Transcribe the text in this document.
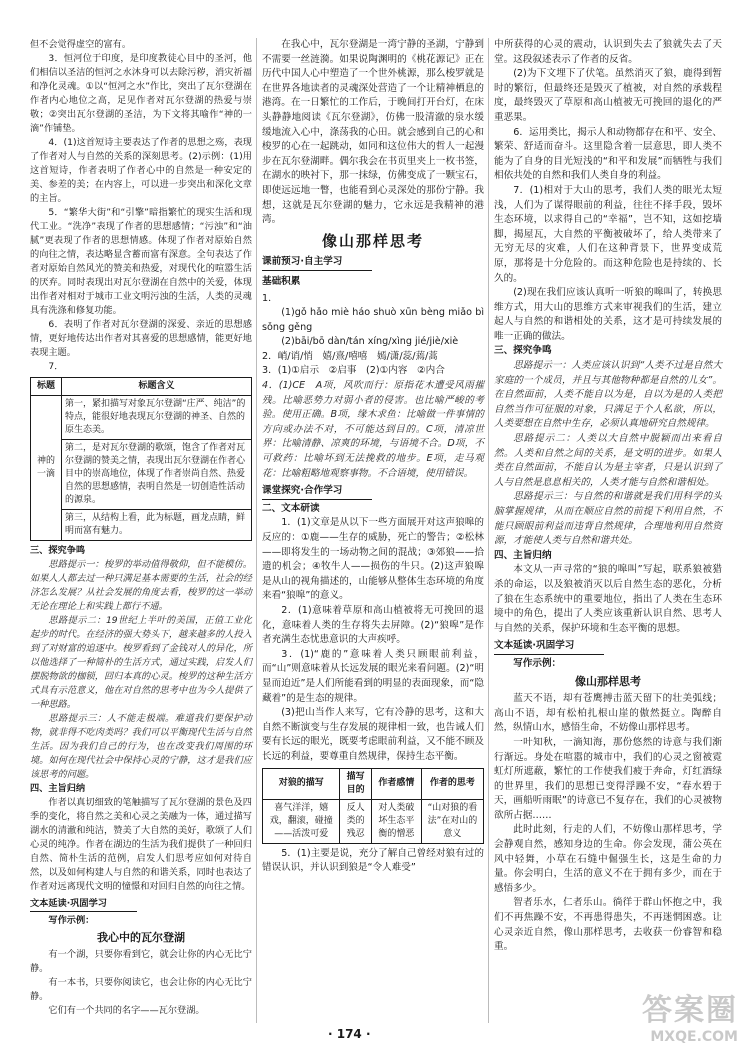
但不会觉得虚空的富有。

3．恒河位于印度，是印度教徒心目中的圣河，他们相信以圣洁的恒河之水沐身可以去除污秽，消灾祈福和净化灵魂。①以“恒河之水”作比，突出了瓦尔登湖在作者内心地位之高，足见作者对瓦尔登湖的热爱与崇敬；②突出瓦尔登湖的圣洁，为下文将其喻作“神的一滴”作铺垫。

4．(1)这首短诗主要表达了作者的思想之殇，表现了作者对人与自然的关系的深刻思考。(2)示例：(1)用这首短诗，作者表明了作者心中的自然是一种安定的美、参差的美；在内容上，可以进一步突出和深化文章的主旨。

5．“繁华大街”和“引擎”暗指繁忙的现实生活和现代工业。“洗净”表现了作者的思想感情；“污浊”和“油腻”更表现了作者的思想情感。体现了作者对原始自然的向往之情，表达略显含蓄而富有深意。全句表达了作者对原始自然风光的赞美和热爱，对现代化的喧嚣生活的厌弃。同时表现出对瓦尔登湖在自然中的关爱，体现出作者对相对于城市工业文明污浊的生活，人类的灵魂具有洗涤和修复功能。

6．表明了作者对瓦尔登湖的深爱、亲近的思想感情，更好地传达出作者对其喜爱的思想感情，能更好地表现主题。

7．

标题	标题含义
神的一滴	第一，紧扣描写对象瓦尔登湖“庄严、纯洁”的特点，能很好地表现瓦尔登湖的神圣、自然的原生态美。
	第二，是对瓦尔登湖的歌颂，饱含了作者对瓦尔登湖的赞美之情，表现出瓦尔登湖在作者心目中的崇高地位，体现了作者崇尚自然、热爱自然的思想感情，表明自然是一切创造性活动的源泉。
	第三，从结构上看，此为标题，画龙点睛，鲜明而富有魅力。

三、探究争鸣

思路提示一：梭罗的举动值得敬仰，但不能模仿。如果人人都去过一种只满足基本需要的生活，社会的经济怎么发展？从社会发展的角度去看，梭罗的这一举动无论在理论上和实践上都行不通。

思路提示二：19世纪上半叶的美国，正值工业化起步的时代。在经济的强大势头下，越来越多的人投入到了对财富的追逐中。梭罗看到了金钱对人的异化，所以他选择了一种简朴的生活方式，通过实践，启发人们摆脱物欲的枷锁，回归本真的心灵。梭罗的这种生活方式具有示范意义，他在对自然的思考中也为今人提供了一种思路。

思路提示三：人不能走极端。难道我们要保护动物，就非得不吃肉类吗？我们可以平衡现代生活与自然生活。因为我们自己的行为，也在改变我们周围的环境。如何在现代社会中保持心灵的宁静，这才是我们应该思考的问题。

四、主旨归纳

作者以真切细致的笔触描写了瓦尔登湖的景色及四季的变化，将自然之美和心灵之美融为一体，通过描写湖水的清澈和纯洁，赞美了大自然的美好，歌颂了人们心灵的纯净。作者在湖边的生活为我们提供了一种回归自然、简朴生活的范例，启发人们思考应如何对待自然，以及如何构建人与自然的和谐关系，同时也表达了作者对远离现代文明的憧憬和对回归自然的向往之情。

文本延读·巩固学习

写作示例：

我心中的瓦尔登湖

有一个湖，只要你看到它，就会让你的内心无比宁静。

有一本书，只要你阅读它，也会让你的内心无比宁静。

它们有一个共同的名字——瓦尔登湖。

在我心中，瓦尔登湖是一湾宁静的圣湖，宁静到不需要一丝涟漪。如果说陶渊明的《桃花源记》正在历代中国人心中塑造了一个世外桃源，那么梭罗就是在世界各地读者的灵魂深处营造了一个让精神栖息的港湾。在一日繁忙的工作后，于晚间打开台灯，在床头静静地阅读《瓦尔登湖》，仿佛一股清澈的泉水缓缓地流入心中，涤荡我的心田。就会感到自己的心和梭罗的心在一起跳动，如同和这位伟大的哲人一起漫步在瓦尔登湖畔。偶尔我会在书页里夹上一枚书签，在湖水的映衬下，那一抹绿，仿佛变成了一颗宝石，即使远远地一瞥，也能看到心灵深处的那份宁静。我想，这就是瓦尔登湖的魅力，它永远是我精神的港湾。

像山那样思考

课前预习·自主学习

基础积累

1．

(1)gǒ hǎo miè háo shuò xūn bèng miǎo bì sǒng gěng

(2)bāi/bō dàn/tán xíng/xìng jié/jiè/xiè

2．峭/诮/悄　嬉/熹/嘻嘻　嫣/潇/蕊/蔫/蒿

3．(1)①启示　②启事　(2)①内容　②内合

4．(1)CE　A项，风吹而行：原指花木遭受风雨摧残。比喻恶势力对弱小者的侵害。也比喻严峻的考验。使用正确。B项，缘木求鱼：比喻做一件事情的方向或办法不对，不可能达到目的。C项，清凉世界：比喻清静、凉爽的环境，与语境不合。D项，不可救药：比喻坏到无法挽救的地步。E项，走马观花：比喻粗略地观察事物。不合语境，使用错误。

课堂探究·合作学习

二、文本研读

1．(1)文章是从以下一些方面展开对这声狼嗥的反应的：①鹿——生存的威胁，死亡的警告；②松林——即将发生的一场动物之间的混战；③郊狼——拾遗的机会；④牧牛人——损伤的牛只。(2)这声狼嗥是从山的视角描述的，山能够从整体生态环境的角度来看“狼嗥”的意义。

2．(1)意味着草原和高山植被将无可挽回的退化，意味着人类的生存将失去屏障。(2)“狼嗥”是作者充满生态忧患意识的大声疾呼。

3．(1)“鹿的”意味着人类只顾眼前利益，而“山”则意味着从长远发展的眼光来看问题。(2)“明显而迫近”是人们所能看到的明显的表面现象，而“隐藏着”的是生态的规律。

(3)把山当作人来写，它有冷静的思考，这和大自然不断演变与生存发展的规律相一致，也告诫人们要有长远的眼光，既要考虑眼前利益，又不能不顾及长远的利益，要尊重自然规律，保持生态平衡。

对狼的描写	描写目的	作者感情	作者的思考
喜气洋洋，嬉戏，翻滚，碰撞——活泼可爱	反人类的残忍	对人类破坏生态平衡的憎恶	“山对狼的看法”在对山的意义

5．(1)主要是说，充分了解自己曾经对狼有过的错误认识，并认识到狼是“令人难受”

中所获得的心灵的震动，认识到失去了狼就失去了天堂。这段叙述表示了作者的反省。

(2)为下文埋下了伏笔。虽然消灭了狼，鹿得到暂时的繁衍，但最终还是毁灭了植被，对自然的承载程度，最终毁灭了草原和高山植被无可挽回的退化的严重恶果。

6．运用类比，揭示人和动物都存在和平、安全、繁荣、舒适而奋斗。这里隐含着一层意思，即人类不能为了自身的目光短浅的“和平和发展”而牺牲与我们相依共处的自然和我们人类自身的利益。

7．(1)相对于大山的思考，我们人类的眼光太短浅，人们为了谋得眼前的利益，往往不择手段，毁坏生态环境，以求得自己的“幸福”，岂不知，这如挖墙脚，揭屋瓦，大自然的平衡被破坏了，给人类带来了无穷无尽的灾难，人们在这种背景下，世界变成荒原，那将是十分危险的。而这种危险也是持续的、长久的。

(2)现在我们应该认真听一听狼的嗥叫了，转换思维方式，用大山的思维方式来审视我们的生活，建立起人与自然的和谐相处的关系，这才是可持续发展的唯一正确的做法。

三、探究争鸣

思路提示一：人类应该认识到“人类不过是自然大家庭的一个成员，并且与其他物种都是自然的儿女”。在自然面前，人类不能自以为是，自以为是的人类把自然当作可征服的对象，只满足于个人私欲，所以，人类要想在自然中生存，必须认真地研究自然规律。

思路提示二：人类以大自然中脱颖而出来看自然。人类和自然之间的关系，是文明的进步。如果人类在自然面前，不能自认为是主宰者，只是认识到了人与自然是息息相关的，人类才能与自然和谐相处。

思路提示三：与自然的和谐就是我们用科学的头脑掌握规律，从而在顺应自然的前提下利用自然，不能只顾眼前利益而违背自然规律，合理地利用自然资源，才能使人类与自然和谐共处。

四、主旨归纳

本文从一声寻常的“狼的嗥叫”写起，联系狼被猎杀的命运，以及狼被消灭以后自然生态的恶化，分析了狼在生态系统中的重要地位，指出了人类在生态环境中的角色，提出了人类应该重新认识自然、思考人与自然的关系，保护环境和生态平衡的思想。

文本延读·巩固学习

写作示例：

像山那样思考

蓝天不语，却有苍鹰搏击蓝天留下的壮美弧线；高山不语，却有松柏扎根山崖的傲然挺立。陶醉自然，纵情山水，感悟生命，不妨像山那样思考。

一叶知秋，一滴知海，那份悠然的诗意与我们渐行渐远。身处在喧嚣的城市中，我们的心灵之窗被霓虹灯所遮蔽，繁忙的工作使我们疲于奔命，灯红酒绿的世界里，我们的思想已变得浮躁不安，“春水碧于天，画船听雨眠”的诗意已不复存在，我们的心灵被物欲所占据……

此时此刻，行走的人们，不妨像山那样思考，学会静观自然，感知身边的生命。你会发现，蒲公英在风中轻舞，小草在石缝中倔强生长，这是生命的力量。你会明白，生活的意义不在于拥有多少，而在于感悟多少。

智者乐水，仁者乐山。徜徉于群山怀抱之中，我们不再焦躁不安，不再患得患失，不再迷惘困惑。让心灵亲近自然，像山那样思考，去收获一份睿智和稳重。

· 174 ·
答案圈
MXQE.COM
